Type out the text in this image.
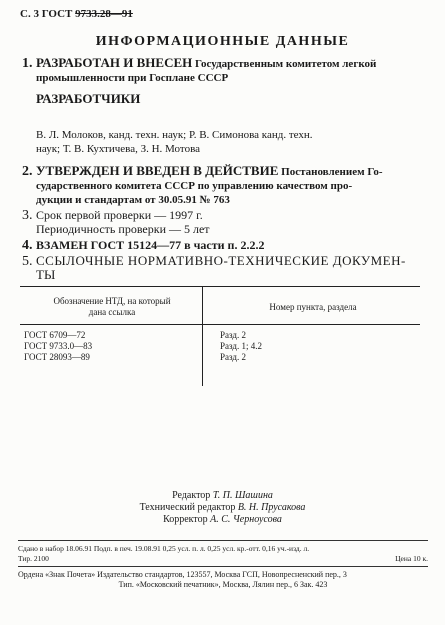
С. 3 ГОСТ 9733.28—91
ИНФОРМАЦИОННЫЕ ДАННЫЕ
1. РАЗРАБОТАН И ВНЕСЕН Государственным комитетом легкой
промышленности при Госплане СССР
РАЗРАБОТЧИКИ
В. Л. Молоков, канд. техн. наук; Р. В. Симонова канд. техн.
наук; Т. В. Кухтичева, З. Н. Мотова
2. УТВЕРЖДЕН И ВВЕДЕН В ДЕЙСТВИЕ Постановлением Го-
сударственного комитета СССР по управлению качеством про-
дукции и стандартам от 30.05.91 № 763
3. Срок первой проверки — 1997 г.
Периодичность проверки — 5 лет
4. ВЗАМЕН ГОСТ 15124—77 в части п. 2.2.2
5. ССЫЛОЧНЫЕ НОРМАТИВНО-ТЕХНИЧЕСКИЕ ДОКУМЕН-
ТЫ
Обозначение НТД, на который
дана ссылка	Номер пункта, раздела
ГОСТ 6709—72
ГОСТ 9733.0—83
ГОСТ 28093—89
Разд. 2
Разд. 1; 4.2
Разд. 2
Редактор Т. П. Шашина
Технический редактор В. Н. Прусакова
Корректор А. С. Черноусова
Сдано в набор 18.06.91 Подп. в печ. 19.08.91 0,25 усл. п. л. 0,25 усл. кр.-отт. 0,16 уч.-изд. л.
Тир. 2100	Цена 10 к.
Ордена «Знак Почета» Издательство стандартов, 123557, Москва ГСП, Новопресненский пер., 3
Тип. «Московский печатник», Москва, Лялин пер., 6 Зак. 423
